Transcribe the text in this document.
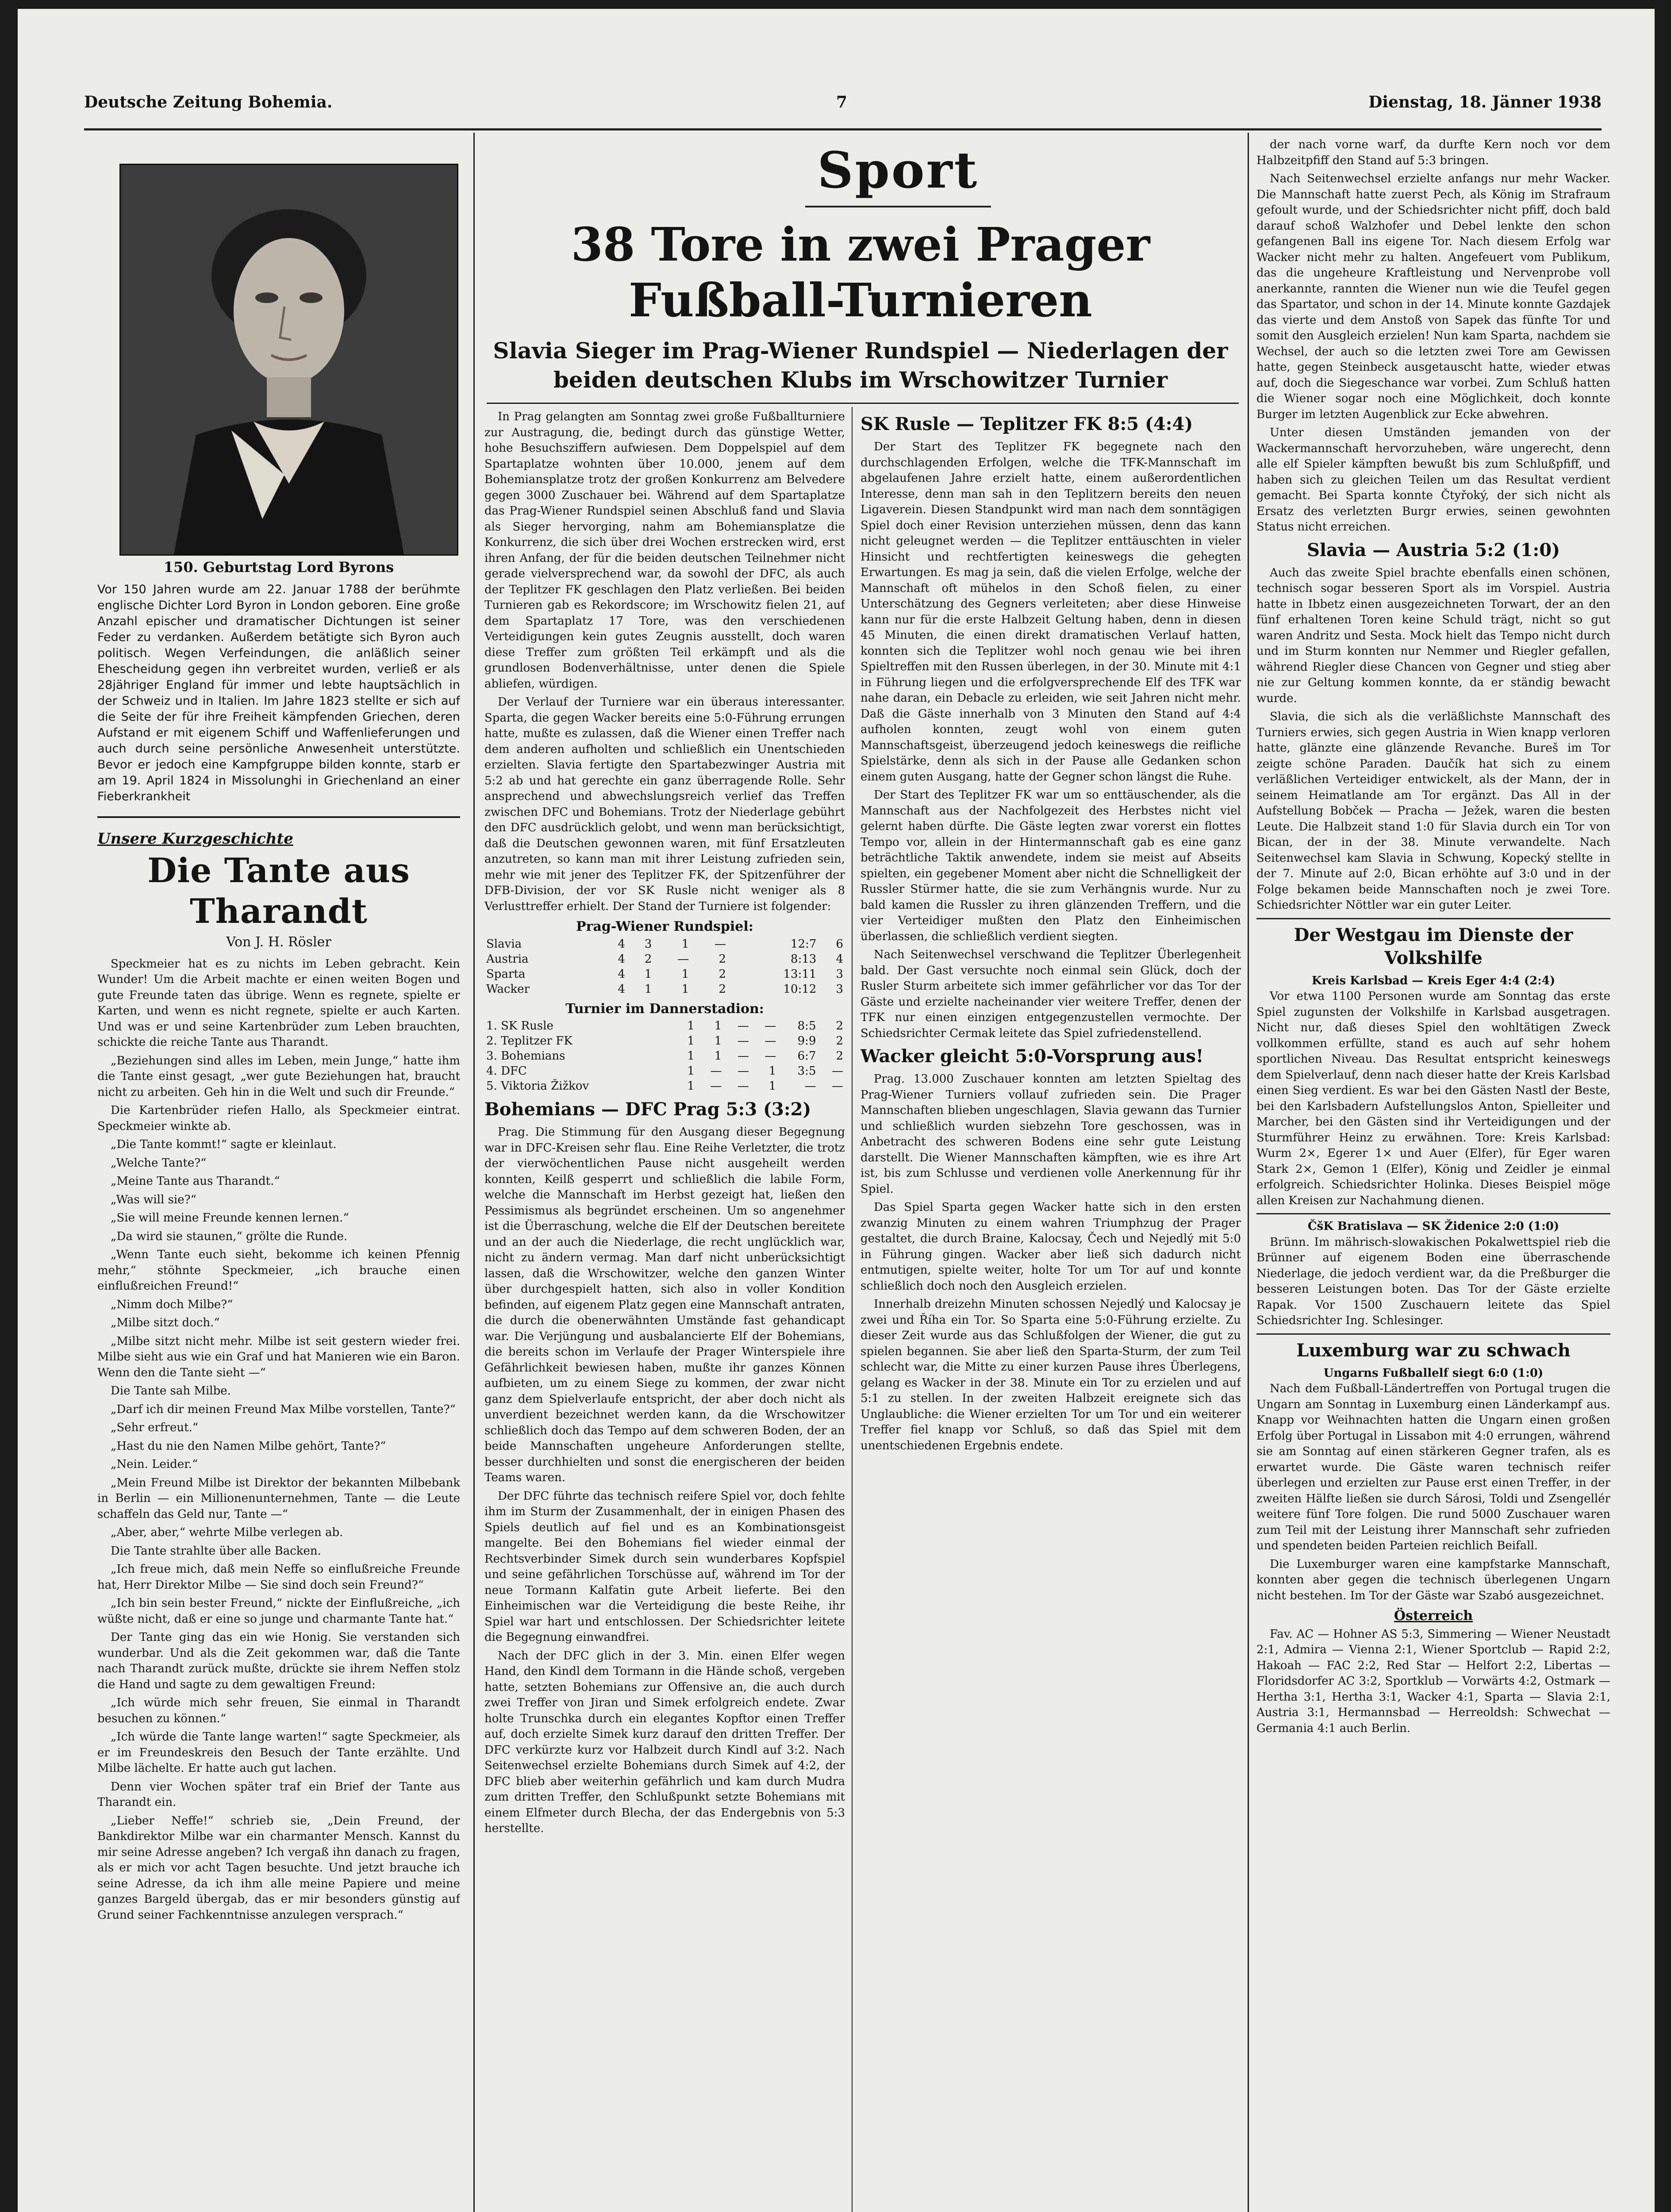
Deutsche Zeitung Bohemia.	7	Dienstag, 18. Jänner 1938
150. Geburtstag Lord Byrons
Vor 150 Jahren wurde am 22. Januar 1788 der berühmte englische Dichter Lord Byron in London geboren. Eine große Anzahl epischer und dramatischer Dichtungen ist seiner Feder zu verdanken. Außerdem betätigte sich Byron auch politisch. Wegen Verfeindungen, die anläßlich seiner Ehescheidung gegen ihn verbreitet wurden, verließ er als 28jähriger England für immer und lebte hauptsächlich in der Schweiz und in Italien. Im Jahre 1823 stellte er sich auf die Seite der für ihre Freiheit kämpfenden Griechen, deren Aufstand er mit eigenem Schiff und Waffenlieferungen und auch durch seine persönliche Anwesenheit unterstützte. Bevor er jedoch eine Kampfgruppe bilden konnte, starb er am 19. April 1824 in Missolunghi in Griechenland an einer Fieberkrankheit
Unsere Kurzgeschichte
Die Tante aus Tharandt
Von J. H. Rösler

Speckmeier hat es zu nichts im Leben gebracht. Kein Wunder! Um die Arbeit machte er einen weiten Bogen und gute Freunde taten das übrige. Wenn es regnete, spielte er Karten, und wenn es nicht regnete, spielte er auch Karten. Und was er und seine Kartenbrüder zum Leben brauchten, schickte die reiche Tante aus Tharandt.

„Beziehungen sind alles im Leben, mein Junge,“ hatte ihm die Tante einst gesagt, „wer gute Beziehungen hat, braucht nicht zu arbeiten. Geh hin in die Welt und such dir Freunde.“

Die Kartenbrüder riefen Hallo, als Speckmeier eintrat. Speckmeier winkte ab.

„Die Tante kommt!“ sagte er kleinlaut.

„Welche Tante?“

„Meine Tante aus Tharandt.“

„Was will sie?“

„Sie will meine Freunde kennen lernen.“

„Da wird sie staunen,“ grölte die Runde.

„Wenn Tante euch sieht, bekomme ich keinen Pfennig mehr,“ stöhnte Speckmeier, „ich brauche einen einflußreichen Freund!“

„Nimm doch Milbe?“

„Milbe sitzt doch.“

„Milbe sitzt nicht mehr. Milbe ist seit gestern wieder frei. Milbe sieht aus wie ein Graf und hat Manieren wie ein Baron. Wenn den die Tante sieht —“

Die Tante sah Milbe.

„Darf ich dir meinen Freund Max Milbe vorstellen, Tante?“

„Sehr erfreut.“

„Hast du nie den Namen Milbe gehört, Tante?“

„Nein. Leider.“

„Mein Freund Milbe ist Direktor der bekannten Milbebank in Berlin — ein Millionenunternehmen, Tante — die Leute schaffeln das Geld nur, Tante —“

„Aber, aber,“ wehrte Milbe verlegen ab.

Die Tante strahlte über alle Backen.

„Ich freue mich, daß mein Neffe so einflußreiche Freunde hat, Herr Direktor Milbe — Sie sind doch sein Freund?“

„Ich bin sein bester Freund,“ nickte der Einflußreiche, „ich wüßte nicht, daß er eine so junge und charmante Tante hat.“

Der Tante ging das ein wie Honig. Sie verstanden sich wunderbar. Und als die Zeit gekommen war, daß die Tante nach Tharandt zurück mußte, drückte sie ihrem Neffen stolz die Hand und sagte zu dem gewaltigen Freund:

„Ich würde mich sehr freuen, Sie einmal in Tharandt besuchen zu können.“

„Ich würde die Tante lange warten!“ sagte Speckmeier, als er im Freundeskreis den Besuch der Tante erzählte. Und Milbe lächelte. Er hatte auch gut lachen.

Denn vier Wochen später traf ein Brief der Tante aus Tharandt ein.

„Lieber Neffe!“ schrieb sie, „Dein Freund, der Bankdirektor Milbe war ein charmanter Mensch. Kannst du mir seine Adresse angeben? Ich vergaß ihn danach zu fragen, als er mich vor acht Tagen besuchte. Und jetzt brauche ich seine Adresse, da ich ihm alle meine Papiere und meine ganzes Bargeld übergab, das er mir besonders günstig auf Grund seiner Fachkenntnisse anzulegen versprach.“

Sport
38 Tore in zwei Prager Fußball-Turnieren
Slavia Sieger im Prag-Wiener Rundspiel — Niederlagen der beiden deutschen Klubs im Wrschowitzer Turnier

In Prag gelangten am Sonntag zwei große Fußballturniere zur Austragung, die, bedingt durch das günstige Wetter, hohe Besuchsziffern aufwiesen. Dem Doppelspiel auf dem Spartaplatze wohnten über 10.000, jenem auf dem Bohemiansplatze trotz der großen Konkurrenz am Belvedere gegen 3000 Zuschauer bei. Während auf dem Spartaplatze das Prag-Wiener Rundspiel seinen Abschluß fand und Slavia als Sieger hervorging, nahm am Bohemiansplatze die Konkurrenz, die sich über drei Wochen erstrecken wird, erst ihren Anfang, der für die beiden deutschen Teilnehmer nicht gerade vielversprechend war, da sowohl der DFC, als auch der Teplitzer FK geschlagen den Platz verließen. Bei beiden Turnieren gab es Rekordscore; im Wrschowitz fielen 21, auf dem Spartaplatz 17 Tore, was den verschiedenen Verteidigungen kein gutes Zeugnis ausstellt, doch waren diese Treffer zum größten Teil erkämpft und als die grundlosen Bodenverhältnisse, unter denen die Spiele abliefen, würdigen.

Der Verlauf der Turniere war ein überaus interessanter. Sparta, die gegen Wacker bereits eine 5:0-Führung errungen hatte, mußte es zulassen, daß die Wiener einen Treffer nach dem anderen aufholten und schließlich ein Unentschieden erzielten. Slavia fertigte den Spartabezwinger Austria mit 5:2 ab und hat gerechte ein ganz überragende Rolle. Sehr ansprechend und abwechslungsreich verlief das Treffen zwischen DFC und Bohemians. Trotz der Niederlage gebührt den DFC ausdrücklich gelobt, und wenn man berücksichtigt, daß die Deutschen gewonnen waren, mit fünf Ersatzleuten anzutreten, so kann man mit ihrer Leistung zufrieden sein, mehr wie mit jener des Teplitzer FK, der Spitzenführer der DFB-Division, der vor SK Rusle nicht weniger als 8 Verlusttreffer erhielt. Der Stand der Turniere ist folgender:

Prag-Wiener Rundspiel:
Slavia	4	3	1	—	12:7	6
Austria	4	2	—	2	8:13	4
Sparta	4	1	1	2	13:11	3
Wacker	4	1	1	2	10:12	3
Turnier im Dannerstadion:
1. SK Rusle	1	1	—	—	8:5	2
2. Teplitzer FK	1	1	—	—	9:9	2
3. Bohemians	1	1	—	—	6:7	2
4. DFC	1	—	—	1	3:5	—
5. Viktoria Žižkov	1	—	—	1	—	—
Bohemians — DFC Prag 5:3 (3:2)

Prag. Die Stimmung für den Ausgang dieser Begegnung war in DFC-Kreisen sehr flau. Eine Reihe Verletzter, die trotz der vierwöchentlichen Pause nicht ausgeheilt werden konnten, Keilß gesperrt und schließlich die labile Form, welche die Mannschaft im Herbst gezeigt hat, ließen den Pessimismus als begründet erscheinen. Um so angenehmer ist die Überraschung, welche die Elf der Deutschen bereitete und an der auch die Niederlage, die recht unglücklich war, nicht zu ändern vermag. Man darf nicht unberücksichtigt lassen, daß die Wrschowitzer, welche den ganzen Winter über durchgespielt hatten, sich also in voller Kondition befinden, auf eigenem Platz gegen eine Mannschaft antraten, die durch die obenerwähnten Umstände fast gehandicapt war. Die Verjüngung und ausbalancierte Elf der Bohemians, die bereits schon im Verlaufe der Prager Winterspiele ihre Gefährlichkeit bewiesen haben, mußte ihr ganzes Können aufbieten, um zu einem Siege zu kommen, der zwar nicht ganz dem Spielverlaufe entspricht, der aber doch nicht als unverdient bezeichnet werden kann, da die Wrschowitzer schließlich doch das Tempo auf dem schweren Boden, der an beide Mannschaften ungeheure Anforderungen stellte, besser durchhielten und sonst die energischeren der beiden Teams waren.

Der DFC führte das technisch reifere Spiel vor, doch fehlte ihm im Sturm der Zusammenhalt, der in einigen Phasen des Spiels deutlich auf fiel und es an Kombinationsgeist mangelte. Bei den Bohemians fiel wieder einmal der Rechtsverbinder Simek durch sein wunderbares Kopfspiel und seine gefährlichen Torschüsse auf, während im Tor der neue Tormann Kalfatin gute Arbeit lieferte. Bei den Einheimischen war die Verteidigung die beste Reihe, ihr Spiel war hart und entschlossen. Der Schiedsrichter leitete die Begegnung einwandfrei.

Nach der DFC glich in der 3. Min. einen Elfer wegen Hand, den Kindl dem Tormann in die Hände schoß, vergeben hatte, setzten Bohemians zur Offensive an, die auch durch zwei Treffer von Jiran und Simek erfolgreich endete. Zwar holte Trunschka durch ein elegantes Kopftor einen Treffer auf, doch erzielte Simek kurz darauf den dritten Treffer. Der DFC verkürzte kurz vor Halbzeit durch Kindl auf 3:2. Nach Seitenwechsel erzielte Bohemians durch Simek auf 4:2, der DFC blieb aber weiterhin gefährlich und kam durch Mudra zum dritten Treffer, den Schlußpunkt setzte Bohemians mit einem Elfmeter durch Blecha, der das Endergebnis von 5:3 herstellte.

SK Rusle — Teplitzer FK 8:5 (4:4)

Der Start des Teplitzer FK begegnete nach den durchschlagenden Erfolgen, welche die TFK-Mannschaft im abgelaufenen Jahre erzielt hatte, einem außerordentlichen Interesse, denn man sah in den Teplitzern bereits den neuen Ligaverein. Diesen Standpunkt wird man nach dem sonntägigen Spiel doch einer Revision unterziehen müssen, denn das kann nicht geleugnet werden — die Teplitzer enttäuschten in vieler Hinsicht und rechtfertigten keineswegs die gehegten Erwartungen. Es mag ja sein, daß die vielen Erfolge, welche der Mannschaft oft mühelos in den Schoß fielen, zu einer Unterschätzung des Gegners verleiteten; aber diese Hinweise kann nur für die erste Halbzeit Geltung haben, denn in diesen 45 Minuten, die einen direkt dramatischen Verlauf hatten, konnten sich die Teplitzer wohl noch genau wie bei ihren Spieltreffen mit den Russen überlegen, in der 30. Minute mit 4:1 in Führung liegen und die erfolgversprechende Elf des TFK war nahe daran, ein Debacle zu erleiden, wie seit Jahren nicht mehr. Daß die Gäste innerhalb von 3 Minuten den Stand auf 4:4 aufholen konnten, zeugt wohl von einem guten Mannschaftsgeist, überzeugend jedoch keineswegs die reifliche Spielstärke, denn als sich in der Pause alle Gedanken schon einem guten Ausgang, hatte der Gegner schon längst die Ruhe.

Der Start des Teplitzer FK war um so enttäuschender, als die Mannschaft aus der Nachfolgezeit des Herbstes nicht viel gelernt haben dürfte. Die Gäste legten zwar vorerst ein flottes Tempo vor, allein in der Hintermannschaft gab es eine ganz beträchtliche Taktik anwendete, indem sie meist auf Abseits spielten, ein gegebener Moment aber nicht die Schnelligkeit der Russler Stürmer hatte, die sie zum Verhängnis wurde. Nur zu bald kamen die Russler zu ihren glänzenden Treffern, und die vier Verteidiger mußten den Platz den Einheimischen überlassen, die schließlich verdient siegten.

Nach Seitenwechsel verschwand die Teplitzer Überlegenheit bald. Der Gast versuchte noch einmal sein Glück, doch der Rusler Sturm arbeitete sich immer gefährlicher vor das Tor der Gäste und erzielte nacheinander vier weitere Treffer, denen der TFK nur einen einzigen entgegenzustellen vermochte. Der Schiedsrichter Cermak leitete das Spiel zufriedenstellend.

Wacker gleicht 5:0-Vorsprung aus!

Prag. 13.000 Zuschauer konnten am letzten Spieltag des Prag-Wiener Turniers vollauf zufrieden sein. Die Prager Mannschaften blieben ungeschlagen, Slavia gewann das Turnier und schließlich wurden siebzehn Tore geschossen, was in Anbetracht des schweren Bodens eine sehr gute Leistung darstellt. Die Wiener Mannschaften kämpften, wie es ihre Art ist, bis zum Schlusse und verdienen volle Anerkennung für ihr Spiel.

Das Spiel Sparta gegen Wacker hatte sich in den ersten zwanzig Minuten zu einem wahren Triumphzug der Prager gestaltet, die durch Braine, Kalocsay, Čech und Nejedlý mit 5:0 in Führung gingen. Wacker aber ließ sich dadurch nicht entmutigen, spielte weiter, holte Tor um Tor auf und konnte schließlich doch noch den Ausgleich erzielen.

Innerhalb dreizehn Minuten schossen Nejedlý und Kalocsay je zwei und Říha ein Tor. So Sparta eine 5:0-Führung erzielte. Zu dieser Zeit wurde aus das Schlußfolgen der Wiener, die gut zu spielen begannen. Sie aber ließ den Sparta-Sturm, der zum Teil schlecht war, die Mitte zu einer kurzen Pause ihres Überlegens, gelang es Wacker in der 38. Minute ein Tor zu erzielen und auf 5:1 zu stellen. In der zweiten Halbzeit ereignete sich das Unglaubliche: die Wiener erzielten Tor um Tor und ein weiterer Treffer fiel knapp vor Schluß, so daß das Spiel mit dem unentschiedenen Ergebnis endete.

der nach vorne warf, da durfte Kern noch vor dem Halbzeitpfiff den Stand auf 5:3 bringen.

Nach Seitenwechsel erzielte anfangs nur mehr Wacker. Die Mannschaft hatte zuerst Pech, als König im Strafraum gefoult wurde, und der Schiedsrichter nicht pfiff, doch bald darauf schoß Walzhofer und Debel lenkte den schon gefangenen Ball ins eigene Tor. Nach diesem Erfolg war Wacker nicht mehr zu halten. Angefeuert vom Publikum, das die ungeheure Kraftleistung und Nervenprobe voll anerkannte, rannten die Wiener nun wie die Teufel gegen das Spartator, und schon in der 14. Minute konnte Gazdajek das vierte und dem Anstoß von Sapek das fünfte Tor und somit den Ausgleich erzielen! Nun kam Sparta, nachdem sie Wechsel, der auch so die letzten zwei Tore am Gewissen hatte, gegen Steinbeck ausgetauscht hatte, wieder etwas auf, doch die Siegeschance war vorbei. Zum Schluß hatten die Wiener sogar noch eine Möglichkeit, doch konnte Burger im letzten Augenblick zur Ecke abwehren.

Unter diesen Umständen jemanden von der Wackermannschaft hervorzuheben, wäre ungerecht, denn alle elf Spieler kämpften bewußt bis zum Schlußpfiff, und haben sich zu gleichen Teilen um das Resultat verdient gemacht. Bei Sparta konnte Čtyřoký, der sich nicht als Ersatz des verletzten Burgr erwies, seinen gewohnten Status nicht erreichen.

Slavia — Austria 5:2 (1:0)

Auch das zweite Spiel brachte ebenfalls einen schönen, technisch sogar besseren Sport als im Vorspiel. Austria hatte in Ibbetz einen ausgezeichneten Torwart, der an den fünf erhaltenen Toren keine Schuld trägt, nicht so gut waren Andritz und Sesta. Mock hielt das Tempo nicht durch und im Sturm konnten nur Nemmer und Riegler gefallen, während Riegler diese Chancen von Gegner und stieg aber nie zur Geltung kommen konnte, da er ständig bewacht wurde.

Slavia, die sich als die verläßlichste Mannschaft des Turniers erwies, sich gegen Austria in Wien knapp verloren hatte, glänzte eine glänzende Revanche. Bureš im Tor zeigte schöne Paraden. Daučík hat sich zu einem verläßlichen Verteidiger entwickelt, als der Mann, der in seinem Heimatlande am Tor ergänzt. Das All in der Aufstellung Bobček — Pracha — Ježek, waren die besten Leute. Die Halbzeit stand 1:0 für Slavia durch ein Tor von Bican, der in der 38. Minute verwandelte. Nach Seitenwechsel kam Slavia in Schwung, Kopecký stellte in der 7. Minute auf 2:0, Bican erhöhte auf 3:0 und in der Folge bekamen beide Mannschaften noch je zwei Tore. Schiedsrichter Nöttler war ein guter Leiter.

Der Westgau im Dienste der Volkshilfe
Kreis Karlsbad — Kreis Eger 4:4 (2:4)

Vor etwa 1100 Personen wurde am Sonntag das erste Spiel zugunsten der Volkshilfe in Karlsbad ausgetragen. Nicht nur, daß dieses Spiel den wohltätigen Zweck vollkommen erfüllte, stand es auch auf sehr hohem sportlichen Niveau. Das Resultat entspricht keineswegs dem Spielverlauf, denn nach dieser hatte der Kreis Karlsbad einen Sieg verdient. Es war bei den Gästen Nastl der Beste, bei den Karlsbadern Aufstellungslos Anton, Spielleiter und Marcher, bei den Gästen sind ihr Verteidigungen und der Sturmführer Heinz zu erwähnen. Tore: Kreis Karlsbad: Wurm 2×, Egerer 1× und Auer (Elfer), für Eger waren Stark 2×, Gemon 1 (Elfer), König und Zeidler je einmal erfolgreich. Schiedsrichter Holinka. Dieses Beispiel möge allen Kreisen zur Nachahmung dienen.

ČšK Bratislava — SK Židenice 2:0 (1:0)

Brünn. Im mährisch-slowakischen Pokalwettspiel rieb die Brünner auf eigenem Boden eine überraschende Niederlage, die jedoch verdient war, da die Preßburger die besseren Leistungen boten. Das Tor der Gäste erzielte Rapak. Vor 1500 Zuschauern leitete das Spiel Schiedsrichter Ing. Schlesinger.

Luxemburg war zu schwach
Ungarns Fußballelf siegt 6:0 (1:0)

Nach dem Fußball-Ländertreffen von Portugal trugen die Ungarn am Sonntag in Luxemburg einen Länderkampf aus. Knapp vor Weihnachten hatten die Ungarn einen großen Erfolg über Portugal in Lissabon mit 4:0 errungen, während sie am Sonntag auf einen stärkeren Gegner trafen, als es erwartet wurde. Die Gäste waren technisch reifer überlegen und erzielten zur Pause erst einen Treffer, in der zweiten Hälfte ließen sie durch Sárosi, Toldi und Zsengellér weitere fünf Tore folgen. Die rund 5000 Zuschauer waren zum Teil mit der Leistung ihrer Mannschaft sehr zufrieden und spendeten beiden Parteien reichlich Beifall.

Die Luxemburger waren eine kampfstarke Mannschaft, konnten aber gegen die technisch überlegenen Ungarn nicht bestehen. Im Tor der Gäste war Szabó ausgezeichnet.

Österreich

Fav. AC — Hohner AS 5:3, Simmering — Wiener Neustadt 2:1, Admira — Vienna 2:1, Wiener Sportclub — Rapid 2:2, Hakoah — FAC 2:2, Red Star — Helfort 2:2, Libertas — Floridsdorfer AC 3:2, Sportklub — Vorwärts 4:2, Ostmark — Hertha 3:1, Hertha 3:1, Wacker 4:1, Sparta — Slavia 2:1, Austria 3:1, Hermannsbad — Herreoldsh: Schwechat — Germania 4:1 auch Berlin.
